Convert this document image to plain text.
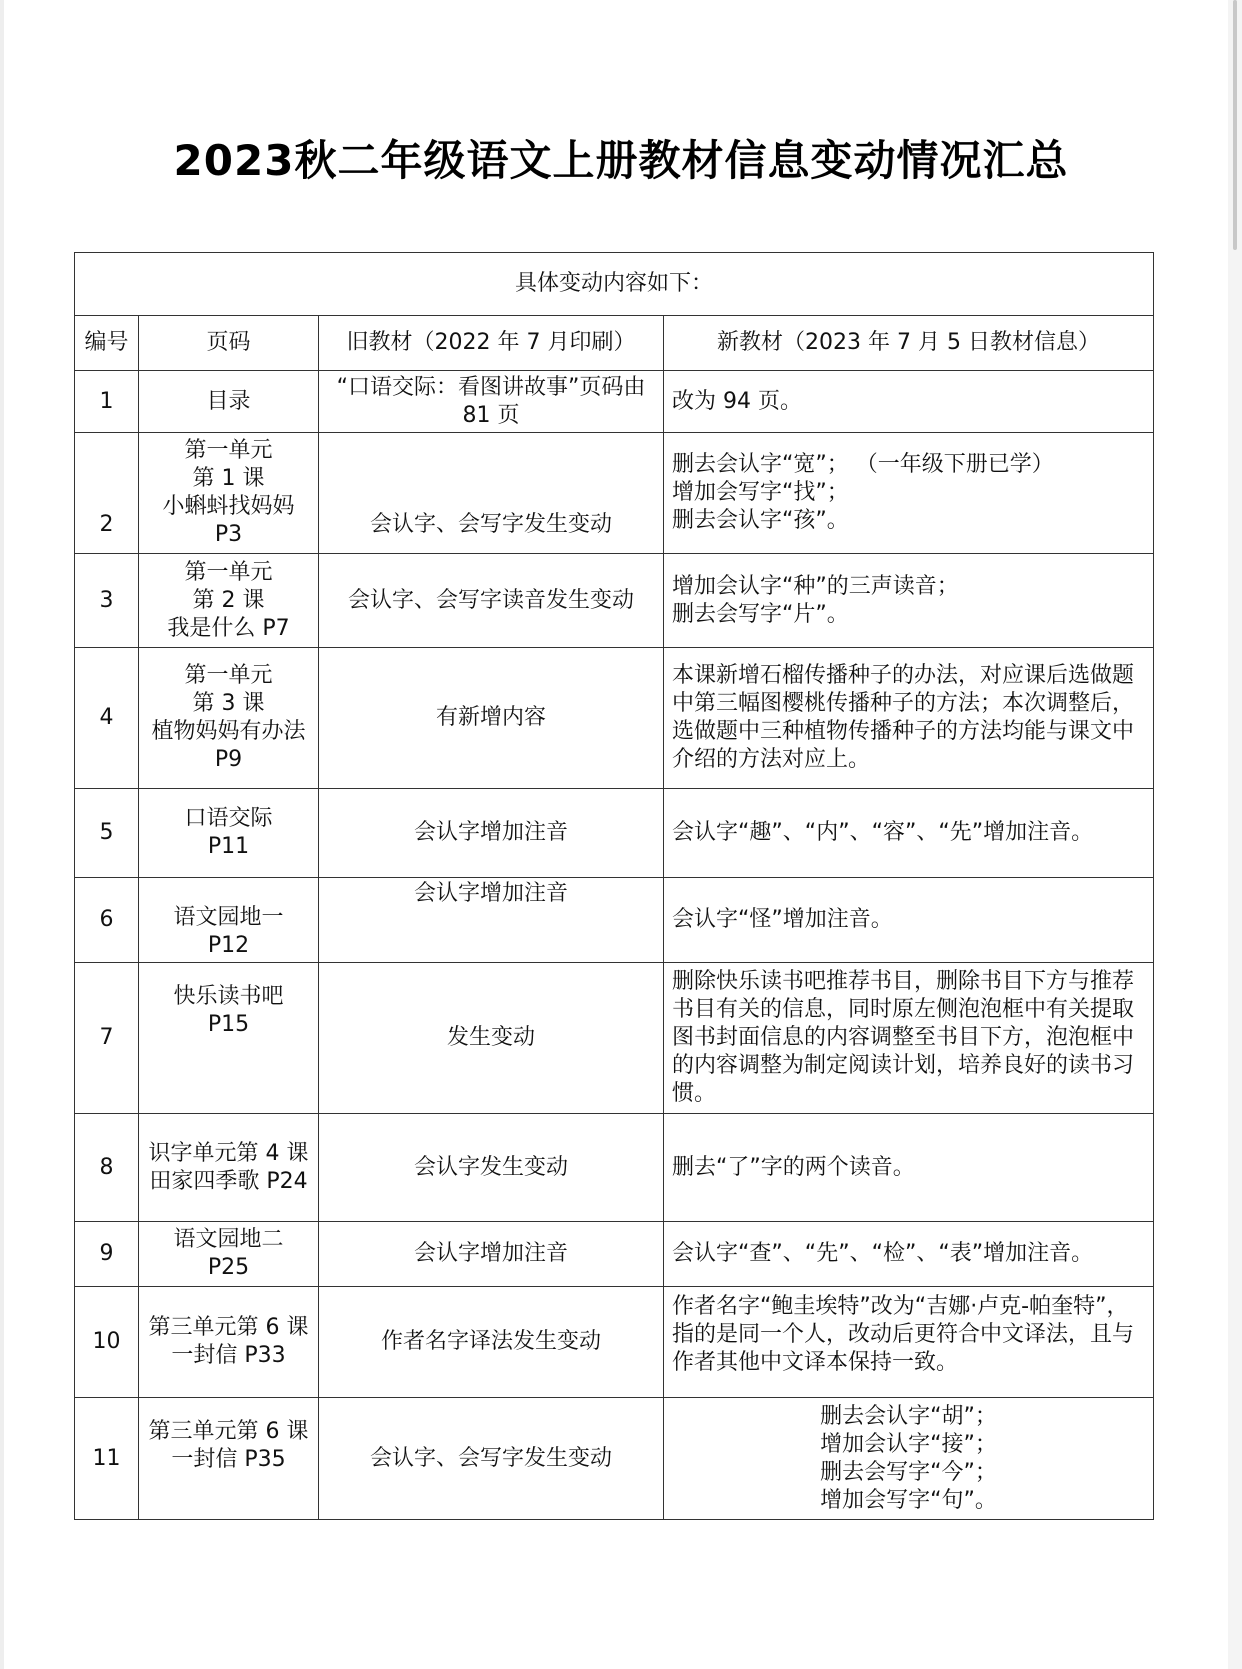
2023秋二年级语文上册教材信息变动情况汇总
具体变动内容如下：			
编号	页码	旧教材（2022 年 7 月印刷）	新教材（2023 年 7 月 5 日教材信息）
1	目录	“口语交际：看图讲故事”页码由
81 页	改为 94 页。
2	第一单元
第 1 课
小蝌蚪找妈妈
P3	会认字、会写字发生变动	删去会认字“宽”； （一年级下册已学）
增加会写字“找”；
删去会认字“孩”。
3	第一单元
第 2 课
我是什么 P7	会认字、会写字读音发生变动	增加会认字“种”的三声读音；
删去会写字“片”。
4	第一单元
第 3 课
植物妈妈有办法
P9	有新增内容	本课新增石榴传播种子的办法，对应课后选做题中第三幅图樱桃传播种子的方法；本次调整后，选做题中三种植物传播种子的方法均能与课文中介绍的方法对应上。
5	口语交际
P11	会认字增加注音	会认字“趣”、“内”、“容”、“先”增加注音。
6	语文园地一
P12	会认字增加注音	会认字“怪”增加注音。
7	快乐读书吧
P15	发生变动	删除快乐读书吧推荐书目，删除书目下方与推荐书目有关的信息，同时原左侧泡泡框中有关提取图书封面信息的内容调整至书目下方，泡泡框中的内容调整为制定阅读计划，培养良好的读书习惯。
8	识字单元第 4 课
田家四季歌 P24	会认字发生变动	删去“了”字的两个读音。
9	语文园地二
P25	会认字增加注音	会认字“查”、“先”、“检”、“表”增加注音。
10	第三单元第 6 课
一封信 P33	作者名字译法发生变动	作者名字“鲍圭埃特”改为“吉娜·卢克-帕奎特”，指的是同一个人，改动后更符合中文译法，且与作者其他中文译本保持一致。
11	第三单元第 6 课
一封信 P35	会认字、会写字发生变动	删去会认字“胡”；
增加会认字“接”；
删去会写字“今”；
增加会写字“句”。
